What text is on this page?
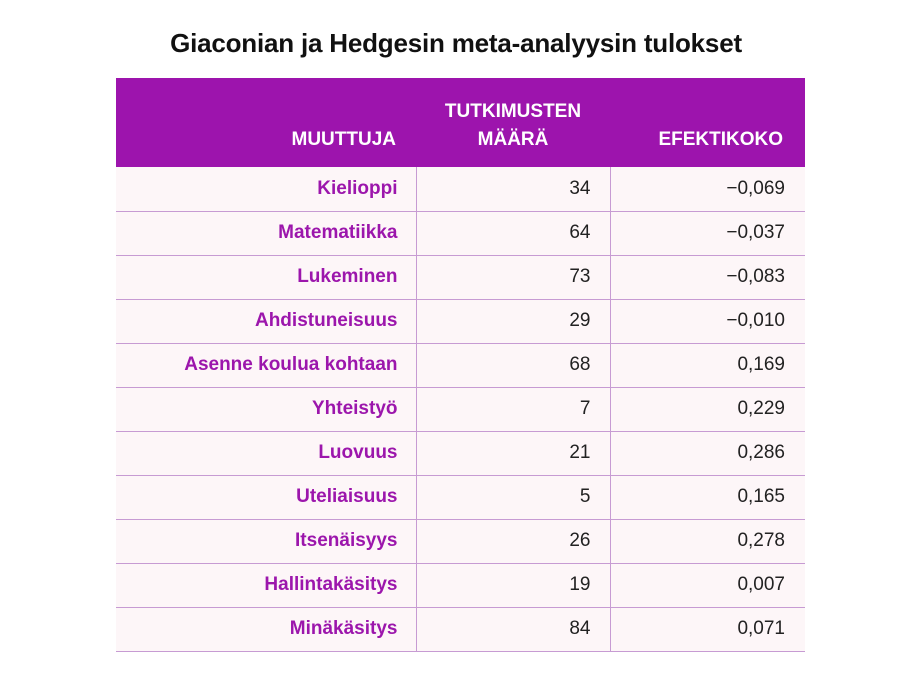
Giaconian ja Hedgesin meta-analyysin tulokset
MUUTTUJA	TUTKIMUSTEN MÄÄRÄ	EFEKTIKOKO
Kielioppi	34	−0,069
Matematiikka	64	−0,037
Lukeminen	73	−0,083
Ahdistuneisuus	29	−0,010
Asenne koulua kohtaan	68	0,169
Yhteistyö	7	0,229
Luovuus	21	0,286
Uteliaisuus	5	0,165
Itsenäisyys	26	0,278
Hallintakäsitys	19	0,007
Minäkäsitys	84	0,071
